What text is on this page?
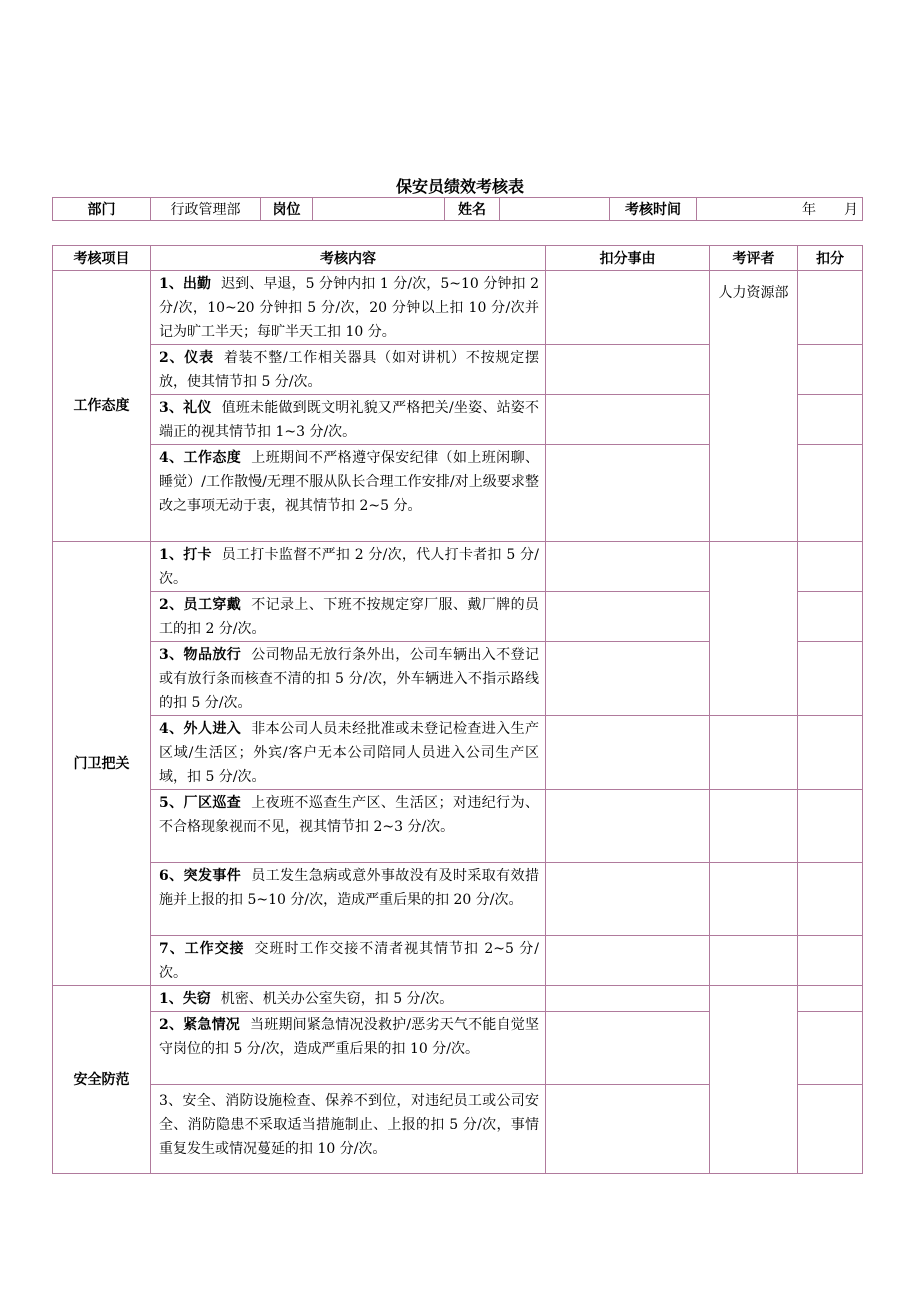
保安员绩效考核表
部门	行政管理部	岗位		姓名		考核时间	年　　月
考核项目	考核内容	扣分事由	考评者	扣分
工作态度	1、出勤 迟到、早退，5 分钟内扣 1 分/次，5~10 分钟扣 2 分/次，10~20 分钟扣 5 分/次，20 分钟以上扣 10 分/次并记为旷工半天；每旷半天工扣 10 分。		人力资源部	
	2、仪表 着装不整/工作相关器具（如对讲机）不按规定摆放，使其情节扣 5 分/次。			
	3、礼仪 值班未能做到既文明礼貌又严格把关/坐姿、站姿不端正的视其情节扣 1~3 分/次。			
	4、工作态度 上班期间不严格遵守保安纪律（如上班闲聊、睡觉）/工作散慢/无理不服从队长合理工作安排/对上级要求整改之事项无动于衷，视其情节扣 2~5 分。			
门卫把关	1、打卡 员工打卡监督不严扣 2 分/次，代人打卡者扣 5 分/次。			
	2、员工穿戴 不记录上、下班不按规定穿厂服、戴厂牌的员工的扣 2 分/次。			
	3、物品放行 公司物品无放行条外出，公司车辆出入不登记或有放行条而核查不清的扣 5 分/次，外车辆进入不指示路线的扣 5 分/次。			
	4、外人进入 非本公司人员未经批准或未登记检查进入生产区域/生活区；外宾/客户无本公司陪同人员进入公司生产区域，扣 5 分/次。			
	5、厂区巡查 上夜班不巡查生产区、生活区；对违纪行为、不合格现象视而不见，视其情节扣 2~3 分/次。			
	6、突发事件 员工发生急病或意外事故没有及时采取有效措施并上报的扣 5~10 分/次，造成严重后果的扣 20 分/次。			
	7、工作交接 交班时工作交接不清者视其情节扣 2~5 分/次。			
安全防范	1、失窃 机密、机关办公室失窃，扣 5 分/次。			
	2、紧急情况 当班期间紧急情况没救护/恶劣天气不能自觉坚守岗位的扣 5 分/次，造成严重后果的扣 10 分/次。			
	3、安全、消防设施检查、保养不到位，对违纪员工或公司安全、消防隐患不采取适当措施制止、上报的扣 5 分/次，事情重复发生或情况蔓延的扣 10 分/次。			
